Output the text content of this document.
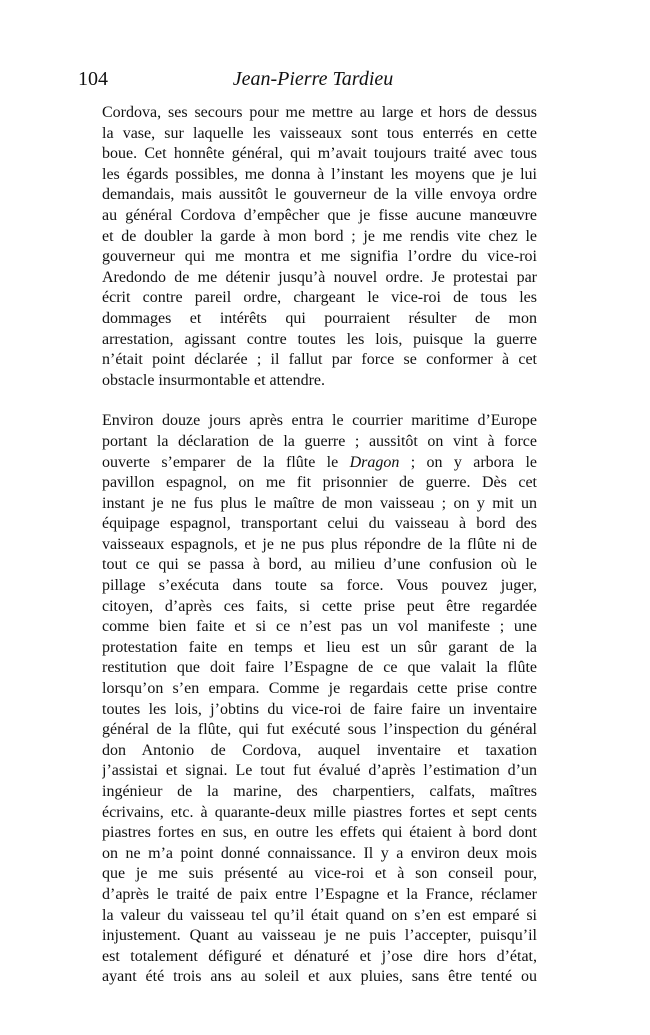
104	Jean-Pierre Tardieu

Cordova, ses secours pour me mettre au large et hors de dessus
la vase, sur laquelle les vaisseaux sont tous enterrés en cette
boue. Cet honnête général, qui m’avait toujours traité avec tous
les égards possibles, me donna à l’instant les moyens que je lui
demandais, mais aussitôt le gouverneur de la ville envoya ordre
au général Cordova d’empêcher que je fisse aucune manœuvre
et de doubler la garde à mon bord ; je me rendis vite chez le
gouverneur qui me montra et me signifia l’ordre du vice-roi
Aredondo de me détenir jusqu’à nouvel ordre. Je protestai par
écrit contre pareil ordre, chargeant le vice-roi de tous les
dommages et intérêts qui pourraient résulter de mon
arrestation, agissant contre toutes les lois, puisque la guerre
n’était point déclarée ; il fallut par force se conformer à cet
obstacle insurmontable et attendre.

Environ douze jours après entra le courrier maritime d’Europe
portant la déclaration de la guerre ; aussitôt on vint à force
ouverte s’emparer de la flûte le Dragon ; on y arbora le
pavillon espagnol, on me fit prisonnier de guerre. Dès cet
instant je ne fus plus le maître de mon vaisseau ; on y mit un
équipage espagnol, transportant celui du vaisseau à bord des
vaisseaux espagnols, et je ne pus plus répondre de la flûte ni de
tout ce qui se passa à bord, au milieu d’une confusion où le
pillage s’exécuta dans toute sa force. Vous pouvez juger,
citoyen, d’après ces faits, si cette prise peut être regardée
comme bien faite et si ce n’est pas un vol manifeste ; une
protestation faite en temps et lieu est un sûr garant de la
restitution que doit faire l’Espagne de ce que valait la flûte
lorsqu’on s’en empara. Comme je regardais cette prise contre
toutes les lois, j’obtins du vice-roi de faire faire un inventaire
général de la flûte, qui fut exécuté sous l’inspection du général
don Antonio de Cordova, auquel inventaire et taxation
j’assistai et signai. Le tout fut évalué d’après l’estimation d’un
ingénieur de la marine, des charpentiers, calfats, maîtres
écrivains, etc. à quarante-deux mille piastres fortes et sept cents
piastres fortes en sus, en outre les effets qui étaient à bord dont
on ne m’a point donné connaissance. Il y a environ deux mois
que je me suis présenté au vice-roi et à son conseil pour,
d’après le traité de paix entre l’Espagne et la France, réclamer
la valeur du vaisseau tel qu’il était quand on s’en est emparé si
injustement. Quant au vaisseau je ne puis l’accepter, puisqu’il
est totalement défiguré et dénaturé et j’ose dire hors d’état,
ayant été trois ans au soleil et aux pluies, sans être tenté ou
